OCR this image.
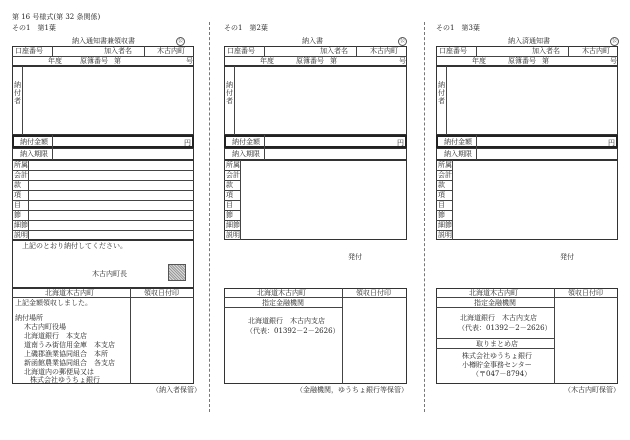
第 16 号様式(第 32 条関係)
その1　 第1葉
納入通知書兼領収書	公
口座番号	加入者名	木古内町
年度	原簿番号 第	号
納付者
納付金額	円
納入期限
所属
会計
款
項
目
節
細節
説明
上記のとおり納付してください。
木古内町長
北海道木古内町	領収日付印
上記金額領収しました。
納付場所
木古内町役場
北海道銀行　本支店
道南うみ街信用金庫　本支店
上磯郡漁業協同組合　本所
新函館農業協同組合　各支店
北海道内の郵便局又は
株式会社ゆうちょ銀行
（納入者保管）
その1　 第2葉
納入書	公
口座番号	加入者名	木古内町
年度	原簿番号 第	号
納付者
納付金額	円
納入期限
所属
会計
款
項
目
節
細節
説明
発付
北海道木古内町	領収日付印
指定金融機関
北海道銀行　木古内支店
（代表：01392－2－2626）
（金融機関，ゆうちょ銀行等保管）
その1　 第3葉
納入済通知書	公
口座番号	加入者名	木古内町
年度	原簿番号 第	号
納付者
納付金額	円
納入期限
所属
会計
款
項
目
節
細節
説明
発付
北海道木古内町	領収日付印
指定金融機関
北海道銀行　木古内支店
（代表：01392－2－2626）
取りまとめ店
株式会社ゆうちょ銀行
小樽貯金事務センター
（〒047－8794）
（木古内町保管）
